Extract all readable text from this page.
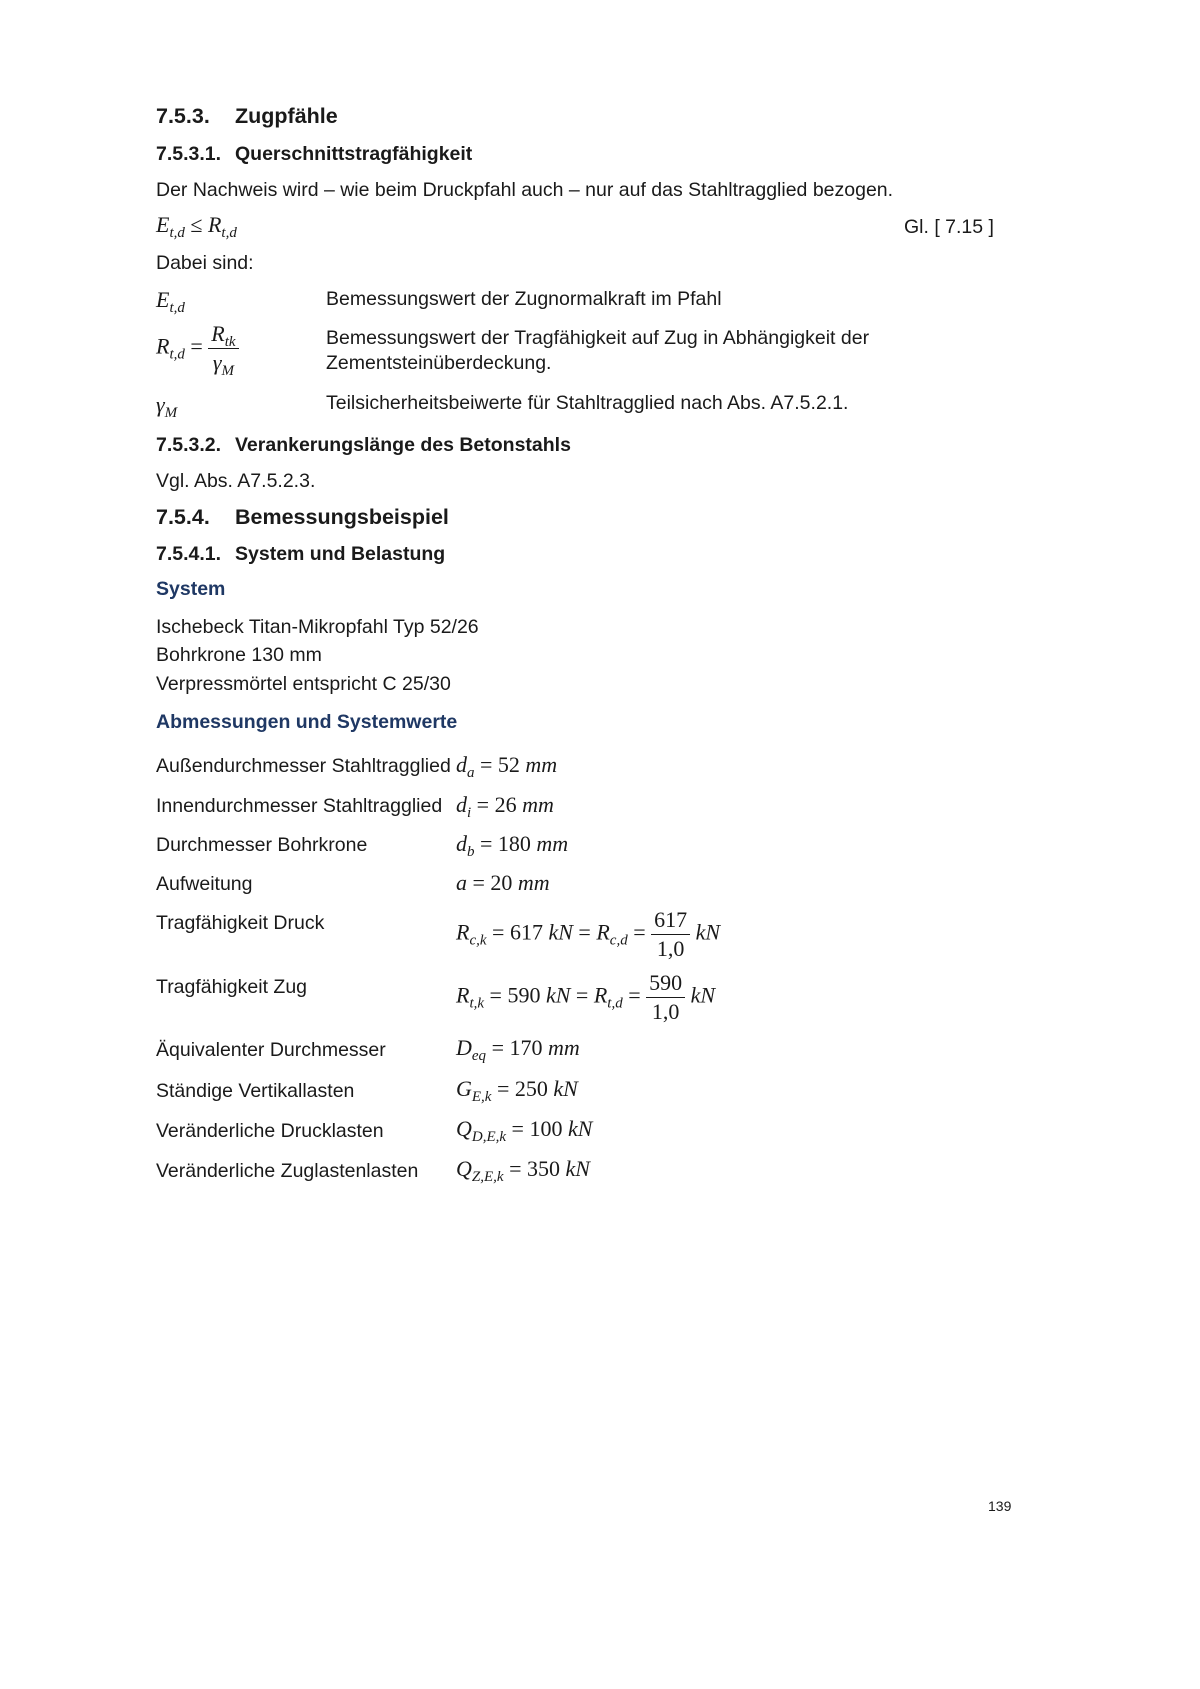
7.5.3. Zugpfähle
7.5.3.1. Querschnittstragfähigkeit
Der Nachweis wird – wie beim Druckpfahl auch – nur auf das Stahltragglied bezogen.
$E_{t,d} \le R_{t,d}$	Gl. [ 7.15 ]
Dabei sind:
$E_{t,d}$	Bemessungswert der Zugnormalkraft im Pfahl
$R_{t,d} = \frac{R_{tk}}{\gamma_M}$	Bemessungswert der Tragfähigkeit auf Zug in Abhängigkeit der
Zementsteinüberdeckung.
$\gamma_M$	Teilsicherheitsbeiwerte für Stahltragglied nach Abs. A7.5.2.1.
7.5.3.2. Verankerungslänge des Betonstahls
Vgl. Abs. A7.5.2.3.
7.5.4. Bemessungsbeispiel
7.5.4.1. System und Belastung
System
Ischebeck Titan-Mikropfahl Typ 52/26
Bohrkrone 130 mm
Verpressmörtel entspricht C 25/30
Abmessungen und Systemwerte
Außendurchmesser Stahltragglied $d_a = 52$ mm
Innendurchmesser Stahltragglied $d_i = 26$ mm
Durchmesser Bohrkrone	$d_b = 180$ mm
Aufweitung	a = 20 mm
Tragfähigkeit Druck	$R_{c,k} = 617$ kN = $R_{c,d} = \frac{617}{1,0}$ kN
Tragfähigkeit Zug	$R_{t,k} = 590$ kN = $R_{t,d} = \frac{590}{1,0}$ kN
Äquivalenter Durchmesser	$D_{eq} = 170$ mm
Ständige Vertikallasten	$G_{E,k} = 250$ kN
Veränderliche Drucklasten	$Q_{D,E,k} = 100$ kN
Veränderliche Zuglastenlasten $Q_{Z,E,k} = 350$ kN
139
